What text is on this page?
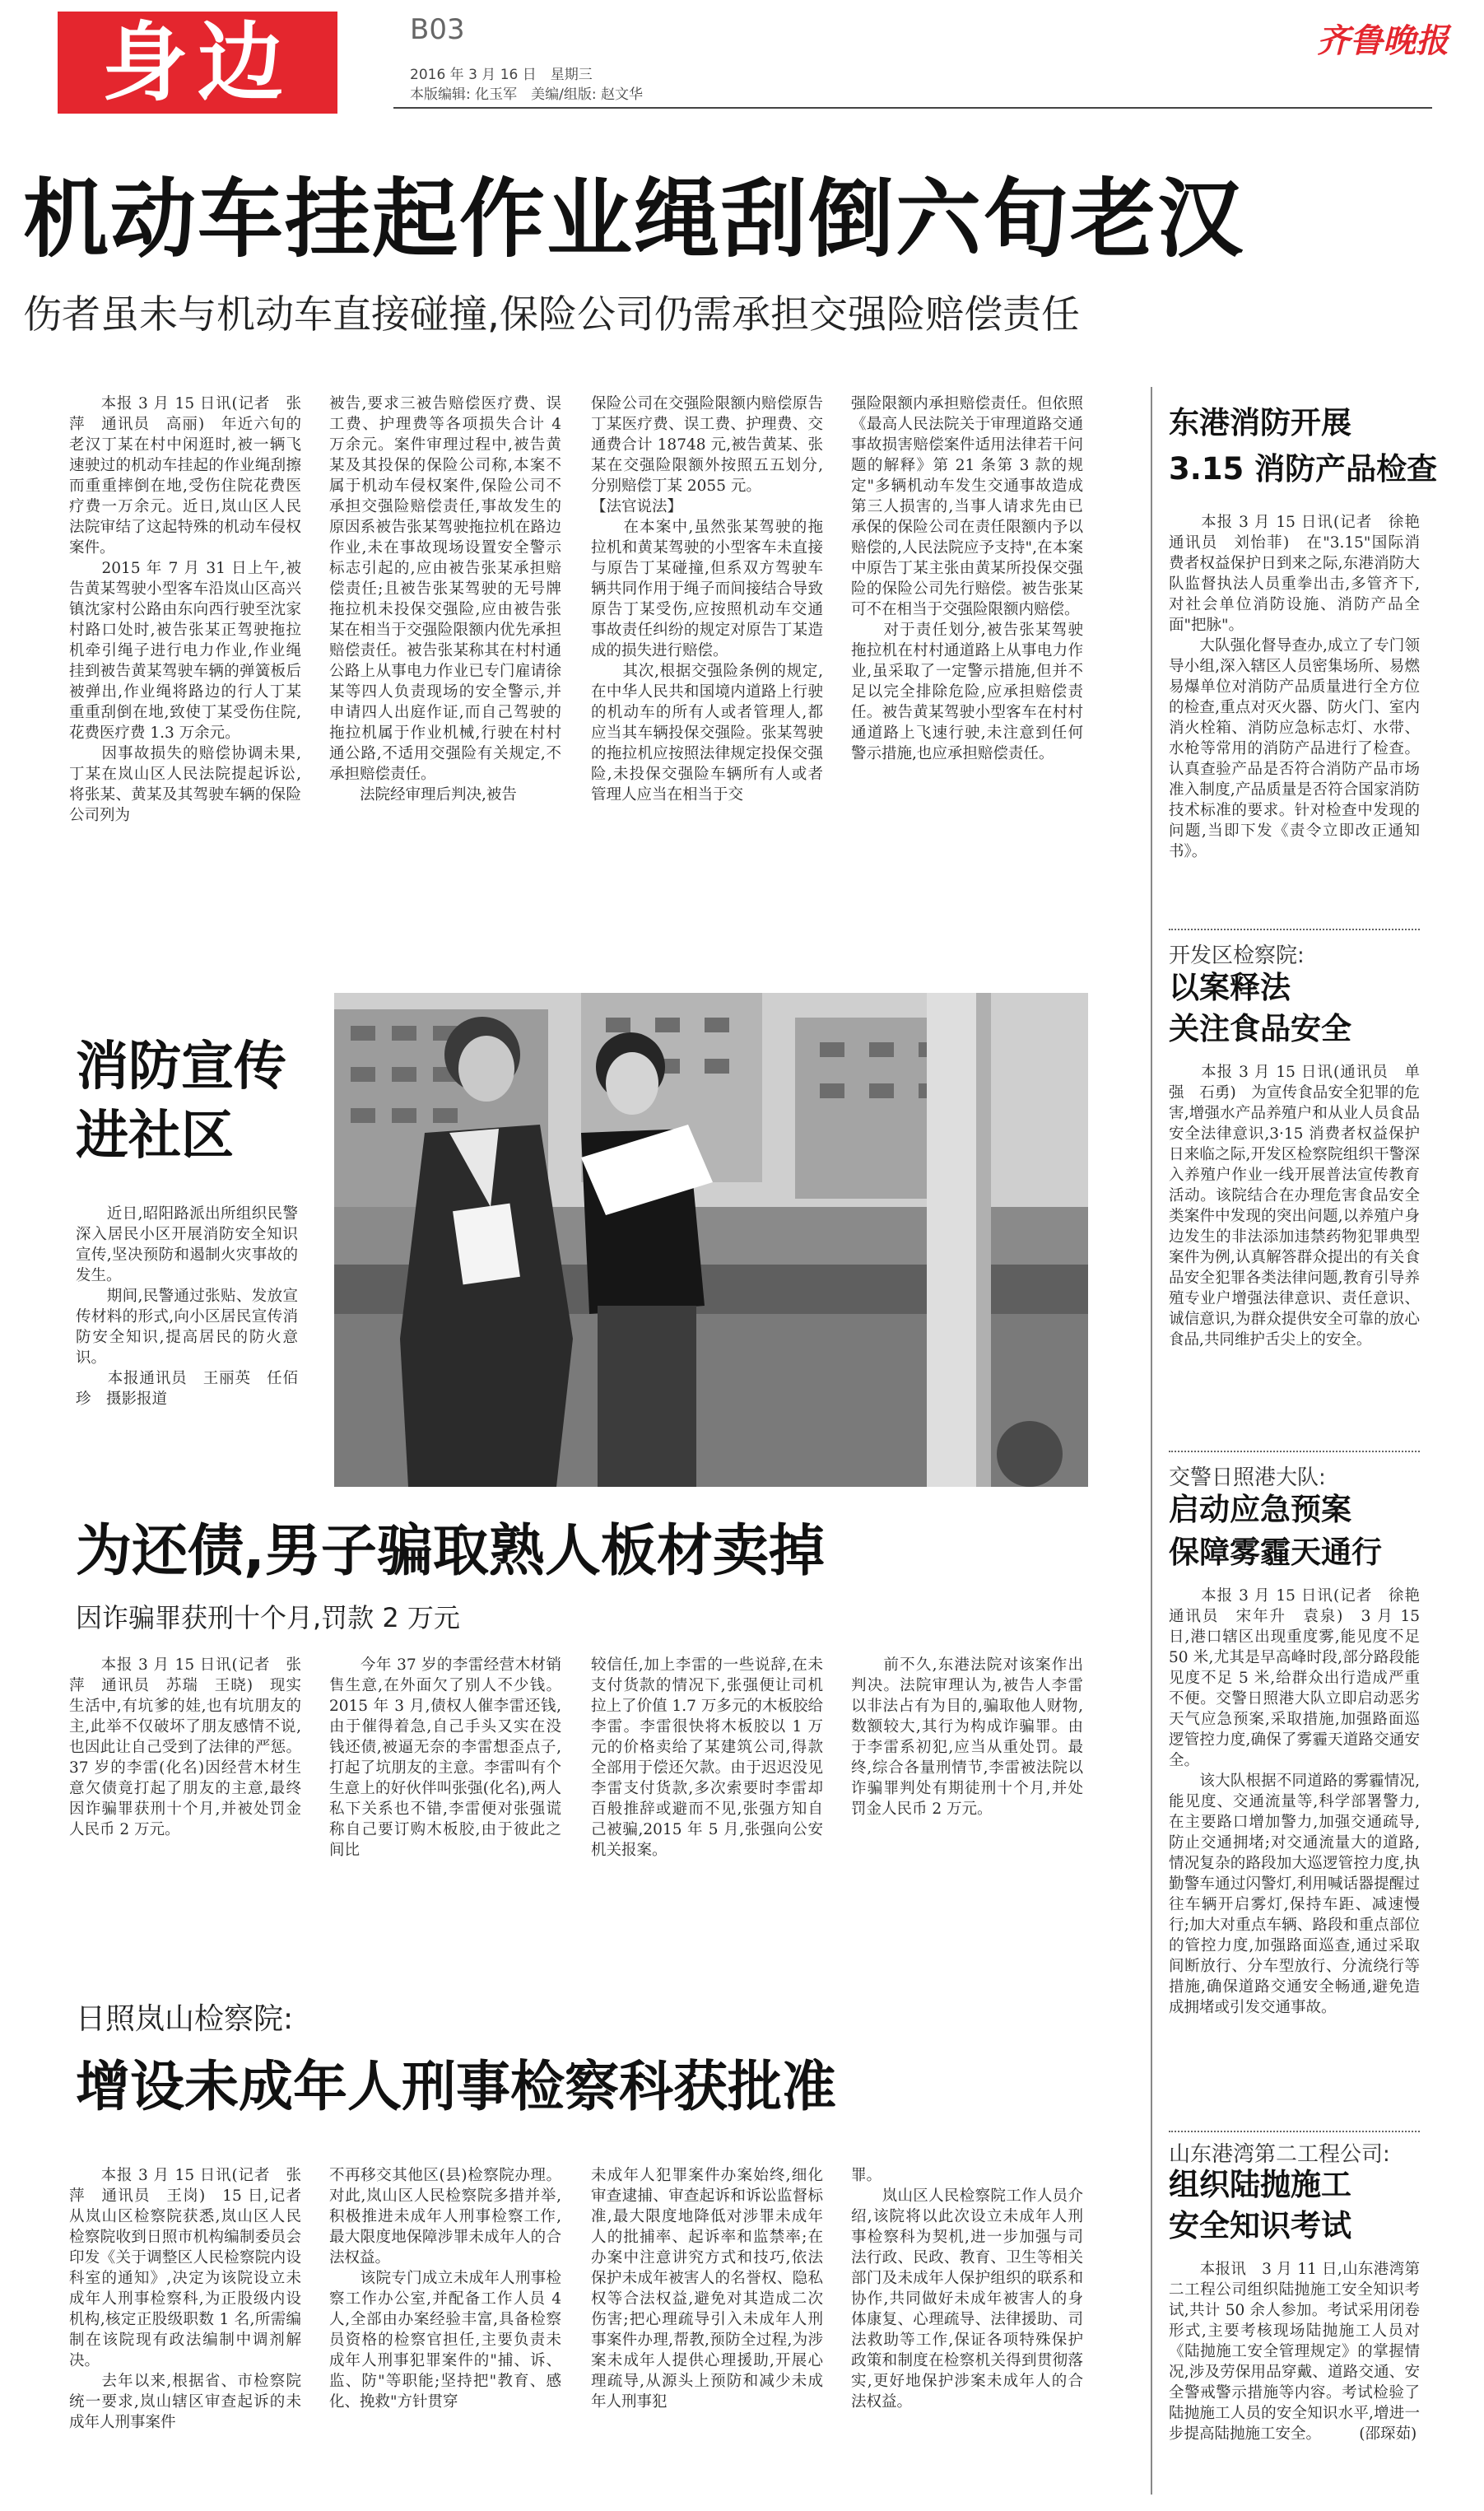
身边	B03
2016 年 3 月 16 日　星期三
本版编辑: 化玉军　美编/组版: 赵文华
齐鲁晚报
机动车挂起作业绳刮倒六旬老汉
伤者虽未与机动车直接碰撞,保险公司仍需承担交强险赔偿责任
　　本报 3 月 15 日讯(记者　张萍　通讯员　高丽)　年近六旬的老汉丁某在村中闲逛时,被一辆飞速驶过的机动车挂起的作业绳刮擦而重重摔倒在地,受伤住院花费医疗费一万余元。近日,岚山区人民法院审结了这起特殊的机动车侵权案件。
　　2015 年 7 月 31 日上午,被告黄某驾驶小型客车沿岚山区高兴镇沈家村公路由东向西行驶至沈家村路口处时,被告张某正驾驶拖拉机牵引绳子进行电力作业,作业绳挂到被告黄某驾驶车辆的弹簧板后被弹出,作业绳将路边的行人丁某重重刮倒在地,致使丁某受伤住院,花费医疗费 1.3 万余元。
　　因事故损失的赔偿协调未果,丁某在岚山区人民法院提起诉讼,将张某、黄某及其驾驶车辆的保险公司列为
被告,要求三被告赔偿医疗费、误工费、护理费等各项损失合计 4 万余元。案件审理过程中,被告黄某及其投保的保险公司称,本案不属于机动车侵权案件,保险公司不承担交强险赔偿责任,事故发生的原因系被告张某驾驶拖拉机在路边作业,未在事故现场设置安全警示标志引起的,应由被告张某承担赔偿责任;且被告张某驾驶的无号牌拖拉机未投保交强险,应由被告张某在相当于交强险限额内优先承担赔偿责任。被告张某称其在村村通公路上从事电力作业已专门雇请徐某等四人负责现场的安全警示,并申请四人出庭作证,而自己驾驶的拖拉机属于作业机械,行驶在村村通公路,不适用交强险有关规定,不承担赔偿责任。
　　法院经审理后判决,被告
保险公司在交强险限额内赔偿原告丁某医疗费、误工费、护理费、交通费合计 18748 元,被告黄某、张某在交强险限额外按照五五划分,分别赔偿丁某 2055 元。
【法官说法】
　　在本案中,虽然张某驾驶的拖拉机和黄某驾驶的小型客车未直接与原告丁某碰撞,但系双方驾驶车辆共同作用于绳子而间接结合导致原告丁某受伤,应按照机动车交通事故责任纠纷的规定对原告丁某造成的损失进行赔偿。
　　其次,根据交强险条例的规定,在中华人民共和国境内道路上行驶的机动车的所有人或者管理人,都应当其车辆投保交强险。张某驾驶的拖拉机应按照法律规定投保交强险,未投保交强险车辆所有人或者管理人应当在相当于交
强险限额内承担赔偿责任。但依照《最高人民法院关于审理道路交通事故损害赔偿案件适用法律若干问题的解释》第 21 条第 3 款的规定"多辆机动车发生交通事故造成第三人损害的,当事人请求先由已承保的保险公司在责任限额内予以赔偿的,人民法院应予支持",在本案中原告丁某主张由黄某所投保交强险的保险公司先行赔偿。被告张某可不在相当于交强险限额内赔偿。
　　对于责任划分,被告张某驾驶拖拉机在村村通道路上从事电力作业,虽采取了一定警示措施,但并不足以完全排除危险,应承担赔偿责任。被告黄某驾驶小型客车在村村通道路上飞速行驶,未注意到任何警示措施,也应承担赔偿责任。
东港消防开展
3.15 消防产品检查
　　本报 3 月 15 日讯(记者　徐艳　通讯员　刘怡菲)　在"3.15"国际消费者权益保护日到来之际,东港消防大队监督执法人员重拳出击,多管齐下,对社会单位消防设施、消防产品全面"把脉"。
　　大队强化督导查办,成立了专门领导小组,深入辖区人员密集场所、易燃易爆单位对消防产品质量进行全方位的检查,重点对灭火器、防火门、室内消火栓箱、消防应急标志灯、水带、水枪等常用的消防产品进行了检查。认真查验产品是否符合消防产品市场准入制度,产品质量是否符合国家消防技术标准的要求。针对检查中发现的问题,当即下发《责令立即改正通知书》。
开发区检察院:
以案释法
关注食品安全
　　本报 3 月 15 日讯(通讯员　单强　石勇)　为宣传食品安全犯罪的危害,增强水产品养殖户和从业人员食品安全法律意识,3·15 消费者权益保护日来临之际,开发区检察院组织干警深入养殖户作业一线开展普法宣传教育活动。该院结合在办理危害食品安全类案件中发现的突出问题,以养殖户身边发生的非法添加违禁药物犯罪典型案件为例,认真解答群众提出的有关食品安全犯罪各类法律问题,教育引导养殖专业户增强法律意识、责任意识、诚信意识,为群众提供安全可靠的放心食品,共同维护舌尖上的安全。
交警日照港大队:
启动应急预案
保障雾霾天通行
　　本报 3 月 15 日讯(记者　徐艳　通讯员　宋年升　袁泉)　3 月 15 日,港口辖区出现重度雾,能见度不足 50 米,尤其是早高峰时段,部分路段能见度不足 5 米,给群众出行造成严重不便。交警日照港大队立即启动恶劣天气应急预案,采取措施,加强路面巡逻管控力度,确保了雾霾天道路交通安全。
　　该大队根据不同道路的雾霾情况,能见度、交通流量等,科学部署警力,在主要路口增加警力,加强交通疏导,防止交通拥堵;对交通流量大的道路,情况复杂的路段加大巡逻管控力度,执勤警车通过闪警灯,利用喊话器提醒过往车辆开启雾灯,保持车距、减速慢行;加大对重点车辆、路段和重点部位的管控力度,加强路面巡查,通过采取间断放行、分车型放行、分流绕行等措施,确保道路交通安全畅通,避免造成拥堵或引发交通事故。
山东港湾第二工程公司:
组织陆抛施工
安全知识考试
　　本报讯　3 月 11 日,山东港湾第二工程公司组织陆抛施工安全知识考试,共计 50 余人参加。考试采用闭卷形式,主要考核现场陆抛施工人员对《陆抛施工安全管理规定》的掌握情况,涉及劳保用品穿戴、道路交通、安全警戒警示措施等内容。考试检验了陆抛施工人员的安全知识水平,增进一步提高陆抛施工安全。　　　(邵琛茹)
消防宣传
进社区
　　近日,昭阳路派出所组织民警深入居民小区开展消防安全知识宣传,坚决预防和遏制火灾事故的发生。
　　期间,民警通过张贴、发放宣传材料的形式,向小区居民宣传消防安全知识,提高居民的防火意识。
　　本报通讯员　王丽英　任佰珍　摄影报道
为还债,男子骗取熟人板材卖掉
因诈骗罪获刑十个月,罚款 2 万元
　　本报 3 月 15 日讯(记者　张萍　通讯员　苏瑞　王晓)　现实生活中,有坑爹的娃,也有坑朋友的主,此举不仅破坏了朋友感情不说,也因此让自己受到了法律的严惩。37 岁的李雷(化名)因经营木材生意欠债竟打起了朋友的主意,最终因诈骗罪获刑十个月,并被处罚金人民币 2 万元。
　　今年 37 岁的李雷经营木材销售生意,在外面欠了别人不少钱。2015 年 3 月,债权人催李雷还钱,由于催得着急,自己手头又实在没钱还债,被逼无奈的李雷想歪点子,打起了坑朋友的主意。李雷叫有个生意上的好伙伴叫张强(化名),两人私下关系也不错,李雷便对张强谎称自己要订购木板胶,由于彼此之间比
较信任,加上李雷的一些说辞,在未支付货款的情况下,张强便让司机拉上了价值 1.7 万多元的木板胶给李雷。李雷很快将木板胶以 1 万元的价格卖给了某建筑公司,得款全部用于偿还欠款。由于迟迟没见李雷支付货款,多次索要时李雷却百般推辞或避而不见,张强方知自己被骗,2015 年 5 月,张强向公安机关报案。
　　前不久,东港法院对该案作出判决。法院审理认为,被告人李雷以非法占有为目的,骗取他人财物,数额较大,其行为构成诈骗罪。由于李雷系初犯,应当从重处罚。最终,综合各量刑情节,李雷被法院以诈骗罪判处有期徒刑十个月,并处罚金人民币 2 万元。
日照岚山检察院:
增设未成年人刑事检察科获批准
　　本报 3 月 15 日讯(记者　张萍　通讯员　王岗)　15 日,记者从岚山区检察院获悉,岚山区人民检察院收到日照市机构编制委员会印发《关于调整区人民检察院内设科室的通知》,决定为该院设立未成年人刑事检察科,为正股级内设机构,核定正股级职数 1 名,所需编制在该院现有政法编制中调剂解决。
　　去年以来,根据省、市检察院统一要求,岚山辖区审查起诉的未成年人刑事案件
不再移交其他区(县)检察院办理。对此,岚山区人民检察院多措并举,积极推进未成年人刑事检察工作,最大限度地保障涉罪未成年人的合法权益。
　　该院专门成立未成年人刑事检察工作办公室,并配备工作人员 4 人,全部由办案经验丰富,具备检察员资格的检察官担任,主要负责未成年人刑事犯罪案件的"捕、诉、监、防"等职能;坚持把"教育、感化、挽救"方针贯穿
未成年人犯罪案件办案始终,细化审查逮捕、审查起诉和诉讼监督标准,最大限度地降低对涉罪未成年人的批捕率、起诉率和监禁率;在办案中注意讲究方式和技巧,依法保护未成年被害人的名誉权、隐私权等合法权益,避免对其造成二次伤害;把心理疏导引入未成年人刑事案件办理,帮教,预防全过程,为涉案未成年人提供心理援助,开展心理疏导,从源头上预防和减少未成年人刑事犯
罪。
　　岚山区人民检察院工作人员介绍,该院将以此次设立未成年人刑事检察科为契机,进一步加强与司法行政、民政、教育、卫生等相关部门及未成年人保护组织的联系和协作,共同做好未成年被害人的身体康复、心理疏导、法律援助、司法救助等工作,保证各项特殊保护政策和制度在检察机关得到贯彻落实,更好地保护涉案未成年人的合法权益。
